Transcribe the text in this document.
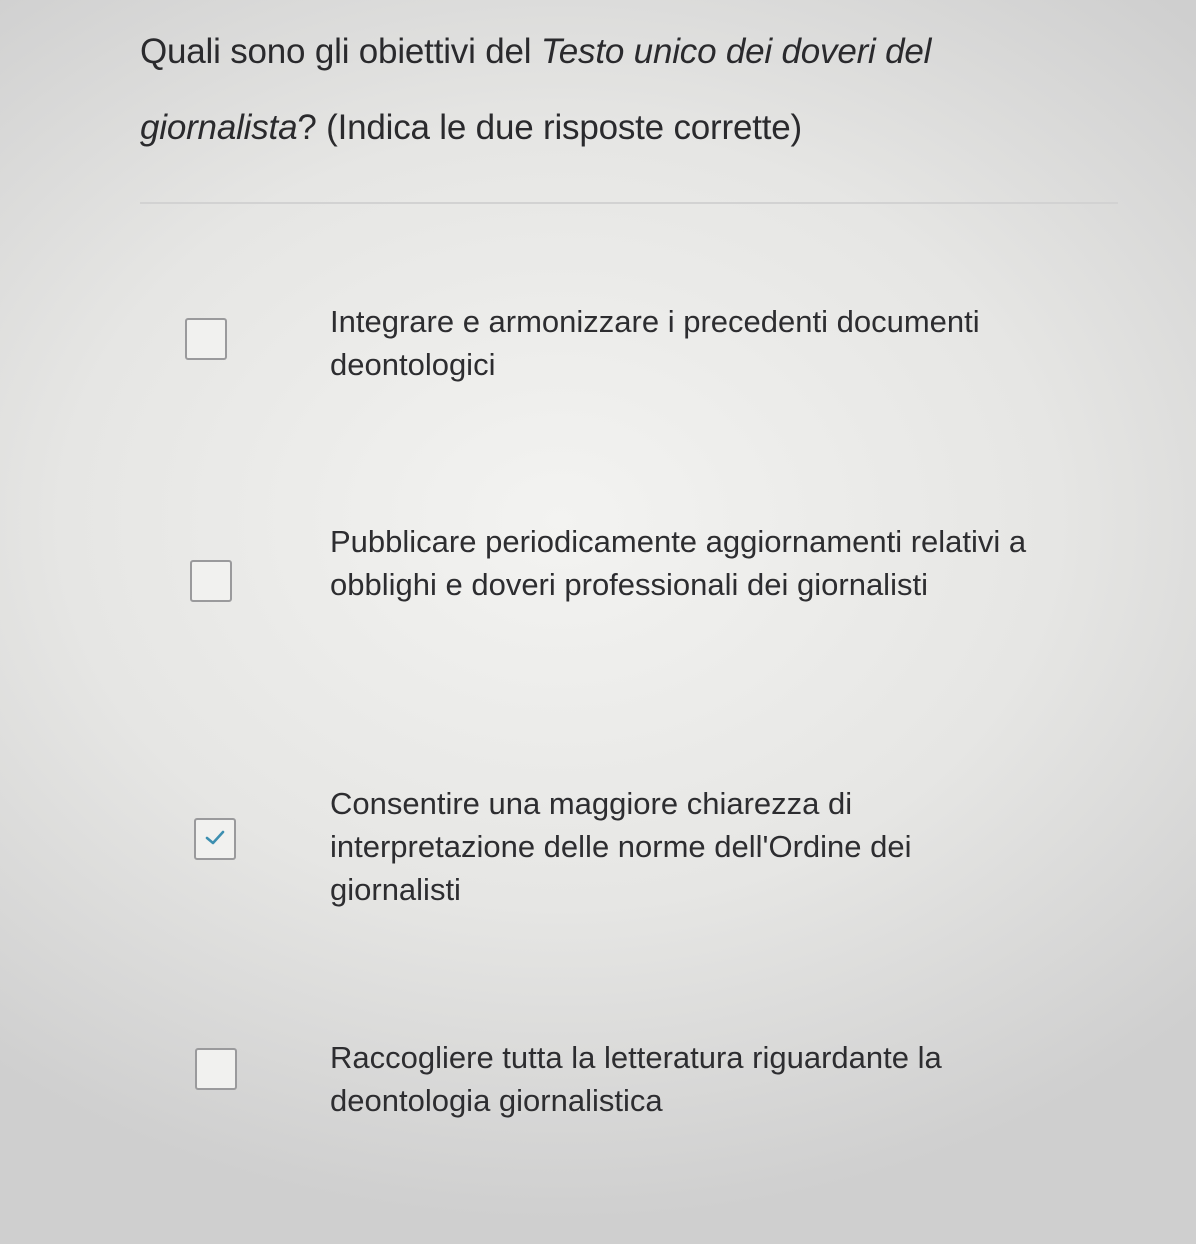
Quali sono gli obiettivi del Testo unico dei doveri del
giornalista? (Indica le due risposte corrette)
Integrare e armonizzare i precedenti documenti deontologici
Pubblicare periodicamente aggiornamenti relativi a obblighi e doveri professionali dei giornalisti
Consentire una maggiore chiarezza di interpretazione delle norme dell'Ordine dei giornalisti
Raccogliere tutta la letteratura riguardante la deontologia giornalistica
